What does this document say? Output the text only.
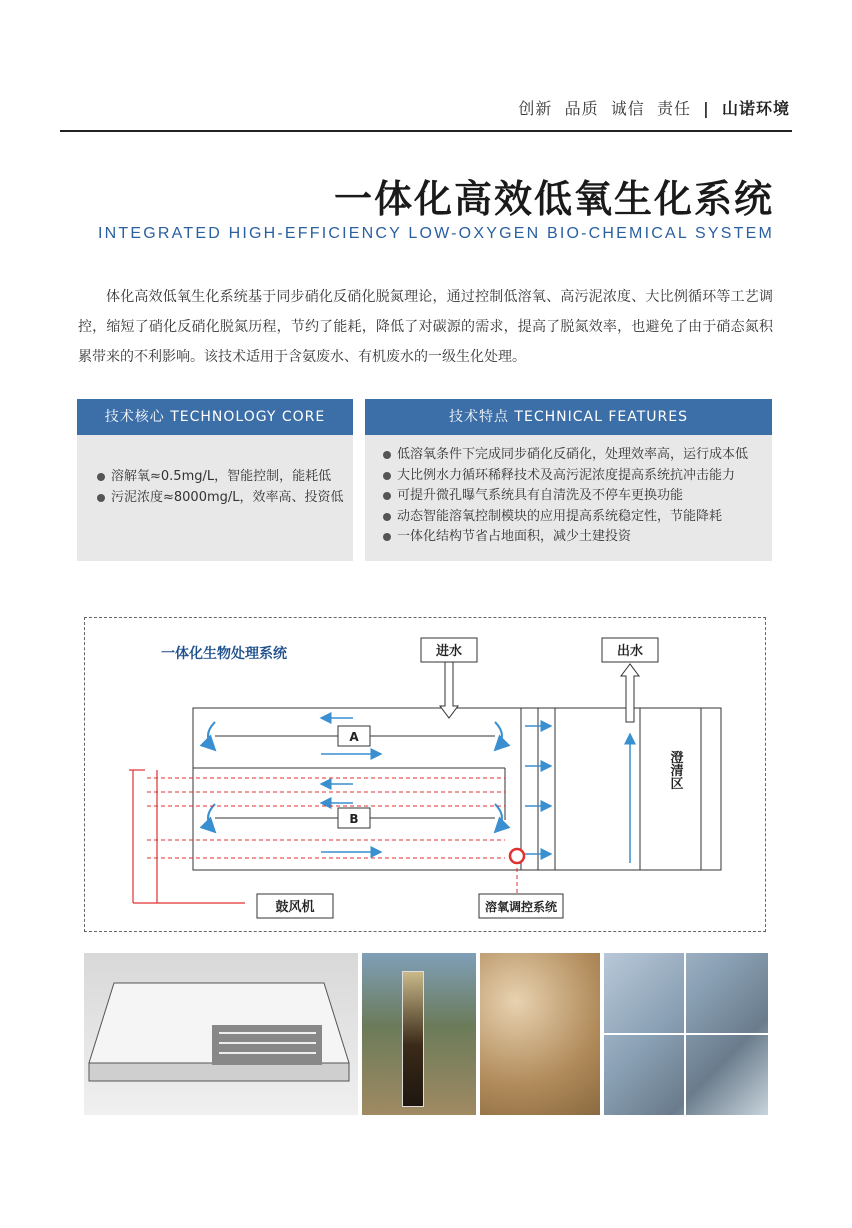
创新 品质 诚信 责任 | 山诺环境
一体化高效低氧生化系统
INTEGRATED HIGH-EFFICIENCY LOW-OXYGEN BIO-CHEMICAL SYSTEM
体化高效低氧生化系统基于同步硝化反硝化脱氮理论，通过控制低溶氧、高污泥浓度、大比例循环等工艺调控，缩短了硝化反硝化脱氮历程，节约了能耗，降低了对碳源的需求，提高了脱氮效率，也避免了由于硝态氮积累带来的不利影响。该技术适用于含氨废水、有机废水的一级生化处理。
技术核心 TECHNOLOGY CORE
溶解氧≈0.5mg/L，智能控制，能耗低
污泥浓度≈8000mg/L，效率高、投资低
技术特点 TECHNICAL FEATURES
低溶氧条件下完成同步硝化反硝化，处理效率高，运行成本低
大比例水力循环稀释技术及高污泥浓度提高系统抗冲击能力
可提升微孔曝气系统具有自清洗及不停车更换功能
动态智能溶氧控制模块的应用提高系统稳定性，节能降耗
一体化结构节省占地面积，减少土建投资
一体化生物处理系统
A
B
澄清区
进水	出水
鼓风机	溶氧调控系统
